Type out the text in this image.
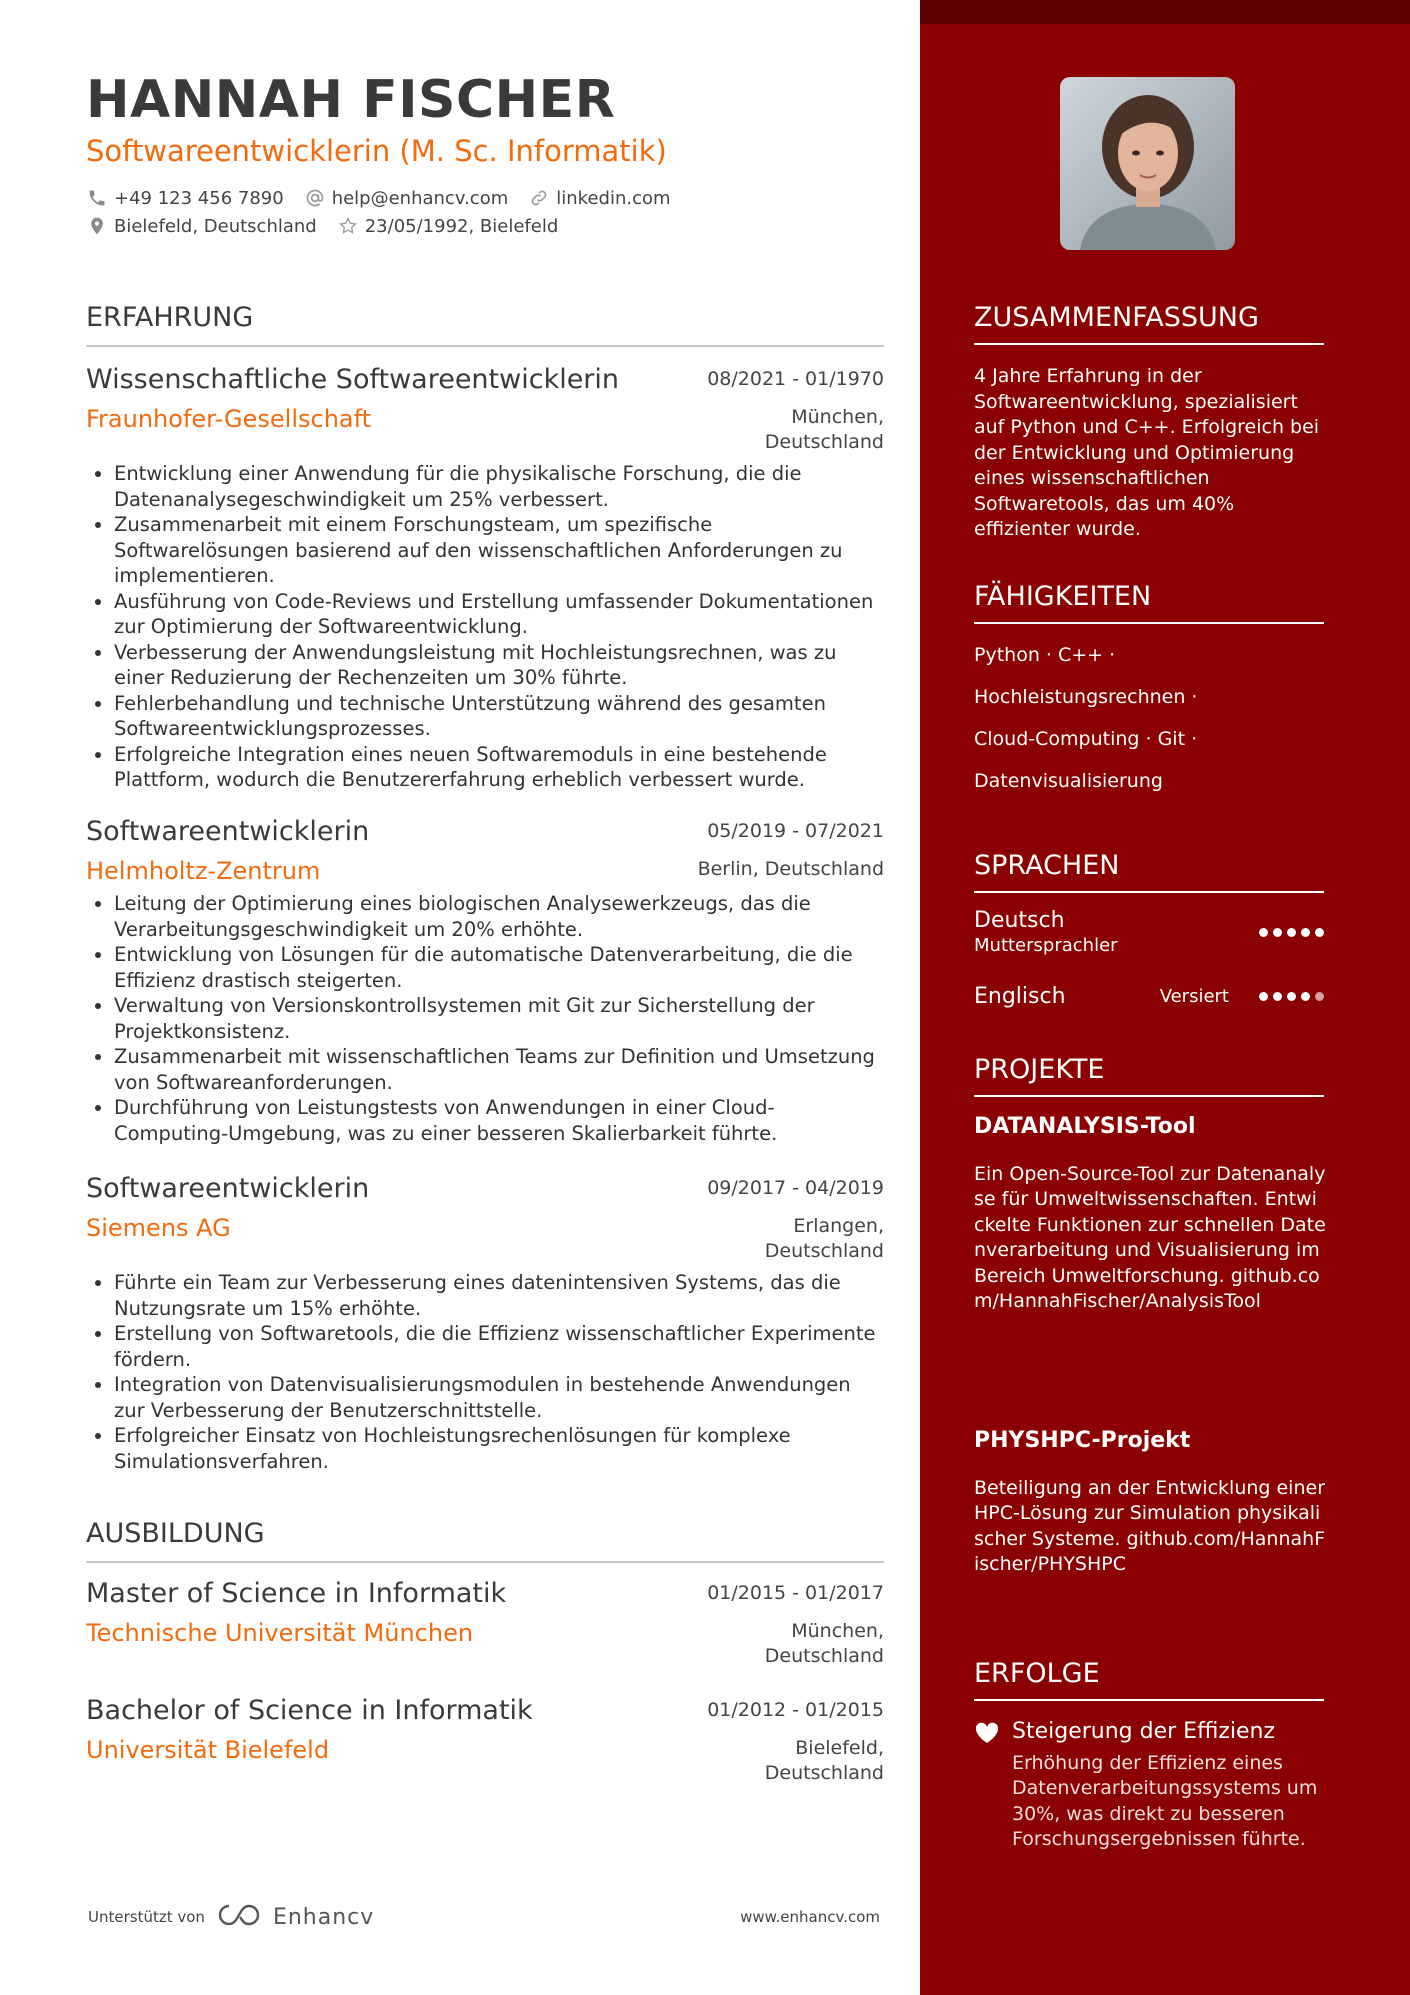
HANNAH FISCHER
Softwareentwicklerin (M. Sc. Informatik)
+49 123 456 7890	help@enhancv.com	linkedin.com
Bielefeld, Deutschland	23/05/1992, Bielefeld
ERFAHRUNG
Wissenschaftliche Softwareentwicklerin	08/2021 - 01/1970
Fraunhofer-Gesellschaft	München,
Deutschland
• Entwicklung einer Anwendung für die physikalische Forschung, die die Datenanalysegeschwindigkeit um 25% verbessert.
• Zusammenarbeit mit einem Forschungsteam, um spezifische Softwarelösungen basierend auf den wissenschaftlichen Anforderungen zu implementieren.
• Ausführung von Code-Reviews und Erstellung umfassender Dokumentationen zur Optimierung der Softwareentwicklung.
• Verbesserung der Anwendungsleistung mit Hochleistungsrechnen, was zu einer Reduzierung der Rechenzeiten um 30% führte.
• Fehlerbehandlung und technische Unterstützung während des gesamten Softwareentwicklungsprozesses.
• Erfolgreiche Integration eines neuen Softwaremoduls in eine bestehende Plattform, wodurch die Benutzererfahrung erheblich verbessert wurde.
Softwareentwicklerin	05/2019 - 07/2021
Helmholtz-Zentrum	Berlin, Deutschland
• Leitung der Optimierung eines biologischen Analysewerkzeugs, das die Verarbeitungsgeschwindigkeit um 20% erhöhte.
• Entwicklung von Lösungen für die automatische Datenverarbeitung, die die Effizienz drastisch steigerten.
• Verwaltung von Versionskontrollsystemen mit Git zur Sicherstellung der Projektkonsistenz.
• Zusammenarbeit mit wissenschaftlichen Teams zur Definition und Umsetzung von Softwareanforderungen.
• Durchführung von Leistungstests von Anwendungen in einer Cloud-Computing-Umgebung, was zu einer besseren Skalierbarkeit führte.
Softwareentwicklerin	09/2017 - 04/2019
Siemens AG	Erlangen,
Deutschland
• Führte ein Team zur Verbesserung eines datenintensiven Systems, das die Nutzungsrate um 15% erhöhte.
• Erstellung von Softwaretools, die die Effizienz wissenschaftlicher Experimente fördern.
• Integration von Datenvisualisierungsmodulen in bestehende Anwendungen zur Verbesserung der Benutzerschnittstelle.
• Erfolgreicher Einsatz von Hochleistungsrechenlösungen für komplexe Simulationsverfahren.
AUSBILDUNG
Master of Science in Informatik	01/2015 - 01/2017
Technische Universität München	München,
Deutschland
Bachelor of Science in Informatik	01/2012 - 01/2015
Universität Bielefeld	Bielefeld,
Deutschland
Unterstützt von	Enhancv	www.enhancv.com
ZUSAMMENFASSUNG
4 Jahre Erfahrung in der Softwareentwicklung, spezialisiert auf Python und C++. Erfolgreich bei der Entwicklung und Optimierung eines wissenschaftlichen Softwaretools, das um 40% effizienter wurde.
FÄHIGKEITEN
Python · C++ ·
Hochleistungsrechnen ·
Cloud-Computing · Git ·
Datenvisualisierung
SPRACHEN
Deutsch
Muttersprachler
Englisch	Versiert
PROJEKTE
DATANALYSIS-Tool
Ein Open-Source-Tool zur Datenanalyse für Umweltwissenschaften. Entwickelte Funktionen zur schnellen Datenverarbeitung und Visualisierung im Bereich Umweltforschung. github.com/HannahFischer/AnalysisTool
PHYSHPC-Projekt
Beteiligung an der Entwicklung einer HPC-Lösung zur Simulation physikalischer Systeme. github.com/HannahFischer/PHYSHPC
ERFOLGE
Steigerung der Effizienz
Erhöhung der Effizienz eines Datenverarbeitungssystems um 30%, was direkt zu besseren Forschungsergebnissen führte.
